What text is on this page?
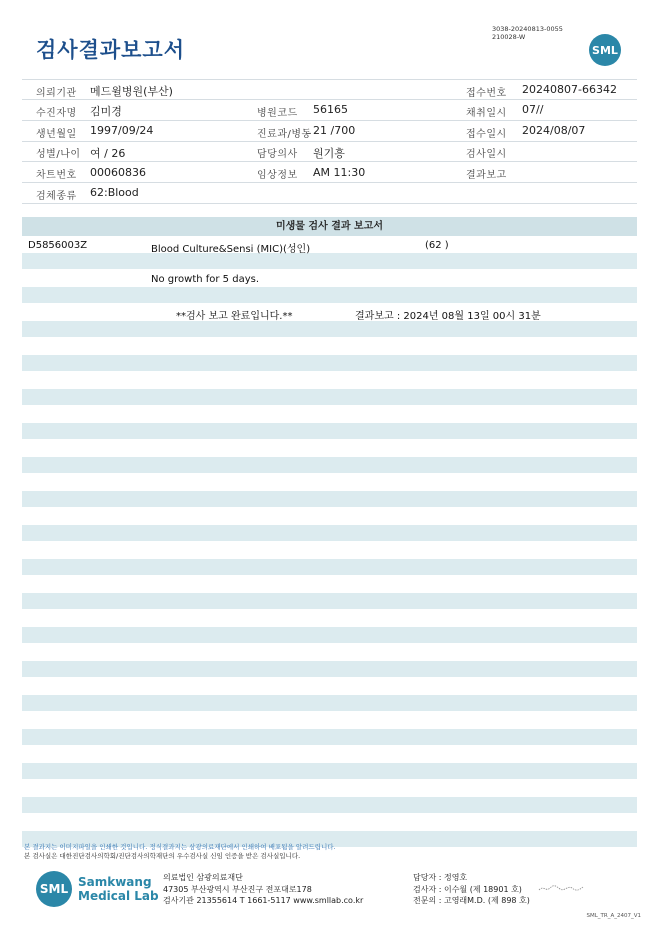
검사결과보고서
3038-20240813-0055
210028-W
SML
의뢰기관 메드윌병원(부산)	접수번호 20240807-66342
수진자명 김미경	병원코드 56165	채취일시 07//
생년월일 1997/09/24	진료과/병동 21 /700	접수일시 2024/08/07
성별/나이 여 / 26	담당의사 원기흥	검사일시
차트번호 00060836	임상정보 AM 11:30	결과보고
검체종류 62:Blood
미생물 검사 결과 보고서
D5856003Z	Blood Culture&Sensi (MIC)(성인)	(62 )
No growth for 5 days.
**검사 보고 완료입니다.**	결과보고 : 2024년 08월 13일 00시 31분
본 결과지는 이미지파일을 인쇄한 것입니다. 정식결과지는 삼광의료재단에서 인쇄하여 배포됨을 알려드립니다.
본 검사실은 대한진단검사의학회/진단검사의학재단의 우수검사실 신임 인증을 받은 검사실입니다.
SML Samkwang
Medical Lab
의료법인 삼광의료재단
47305 부산광역시 부산진구 전포대로178
검사기관 21355614 T 1661-5117 www.smllab.co.kr
담당자 : 정영호
검사자 : 이수월 (제 18901 호)
전문의 : 고영래M.D. (제 898 호)
SML_TR_A_2407_V1
